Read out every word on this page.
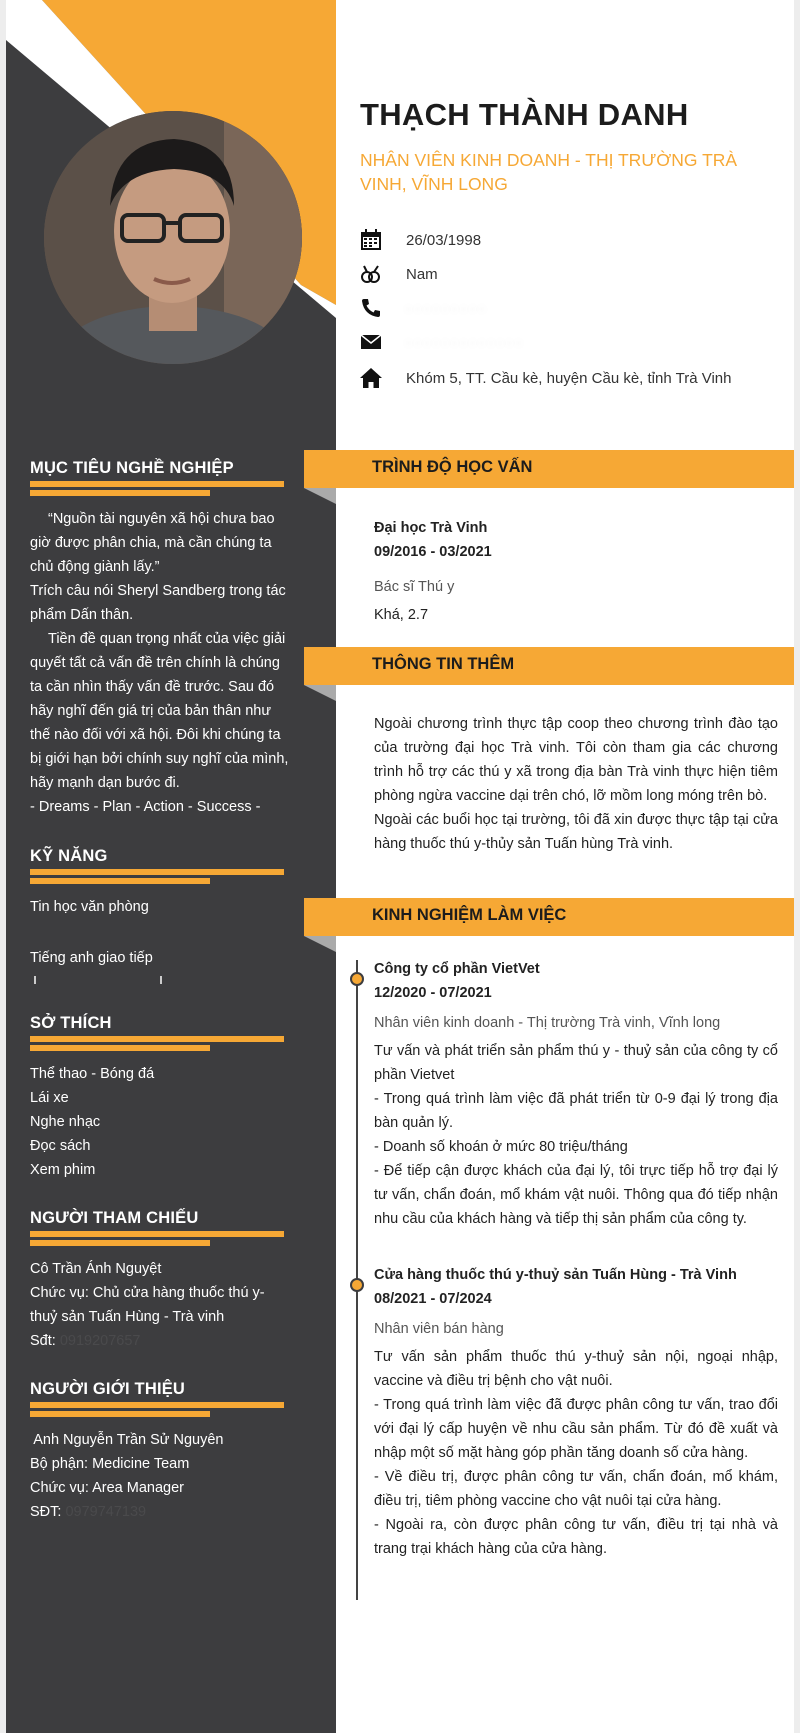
THẠCH THÀNH DANH
NHÂN VIÊN KINH DOANH - THỊ TRƯỜNG TRÀ VINH, VĨNH LONG
26/03/1998
Nam
· · · · · · · · ·
· · · · · · · · · · · · ·
Khóm 5, TT. Cầu kè, huyện Cầu kè, tỉnh Trà Vinh
MỤC TIÊU NGHỀ NGHIỆP

“Nguồn tài nguyên xã hội chưa bao giờ được phân chia, mà cần chúng ta chủ động giành lấy.”

Trích câu nói Sheryl Sandberg trong tác phẩm Dấn thân.

Tiền đề quan trọng nhất của việc giải quyết tất cả vấn đề trên chính là chúng ta cần nhìn thấy vấn đề trước. Sau đó hãy nghĩ đến giá trị của bản thân như thế nào đối với xã hội. Đôi khi chúng ta bị giới hạn bởi chính suy nghĩ của mình, hãy mạnh dạn bước đi.

- Dreams - Plan - Action - Success -

KỸ NĂNG
Tin học văn phòng
Tiếng anh giao tiếp
SỞ THÍCH
Thể thao - Bóng đá
Lái xe
Nghe nhạc
Đọc sách
Xem phim
NGƯỜI THAM CHIẾU

Cô Trần Ánh Nguyệt

Chức vụ: Chủ cửa hàng thuốc thú y-thuỷ sản Tuấn Hùng - Trà vinh

Sđt: 0919207657

NGƯỜI GIỚI THIỆU

Anh Nguyễn Trần Sử Nguyên

Bộ phận: Medicine Team

Chức vụ: Area Manager

SĐT: 0979747139

TRÌNH ĐỘ HỌC VẤN
Đại học Trà Vinh
09/2016 - 03/2021
Bác sĩ Thú y
Khá, 2.7
THÔNG TIN THÊM

Ngoài chương trình thực tập coop theo chương trình đào tạo của trường đại học Trà vinh. Tôi còn tham gia các chương trình hỗ trợ các thú y xã trong địa bàn Trà vinh thực hiện tiêm phòng ngừa vaccine dại trên chó, lỡ mồm long móng trên bò.

Ngoài các buổi học tại trường, tôi đã xin được thực tập tại cửa hàng thuốc thú y-thủy sản Tuấn hùng Trà vinh.

KINH NGHIỆM LÀM VIỆC

Công ty cổ phần VietVet

12/2020 - 07/2021

Nhân viên kinh doanh - Thị trường Trà vinh, Vĩnh long

Tư vấn và phát triển sản phẩm thú y - thuỷ sản của công ty cổ phần Vietvet

- Trong quá trình làm việc đã phát triển từ 0-9 đại lý trong địa bàn quản lý.

- Doanh số khoán ở mức 80 triệu/tháng

- Để tiếp cận được khách của đại lý, tôi trực tiếp hỗ trợ đại lý tư vấn, chẩn đoán, mổ khám vật nuôi. Thông qua đó tiếp nhận nhu cầu của khách hàng và tiếp thị sản phẩm của công ty.

Cửa hàng thuốc thú y-thuỷ sản Tuấn Hùng - Trà Vinh

08/2021 - 07/2024

Nhân viên bán hàng

Tư vấn sản phẩm thuốc thú y-thuỷ sản nội, ngoại nhập, vaccine và điều trị bệnh cho vật nuôi.

- Trong quá trình làm việc đã được phân công tư vấn, trao đổi với đại lý cấp huyện về nhu cầu sản phẩm. Từ đó đề xuất và nhập một số mặt hàng góp phần tăng doanh số cửa hàng.

- Về điều trị, được phân công tư vấn, chẩn đoán, mổ khám, điều trị, tiêm phòng vaccine cho vật nuôi tại cửa hàng.

- Ngoài ra, còn được phân công tư vấn, điều trị tại nhà và trang trại khách hàng của cửa hàng.
